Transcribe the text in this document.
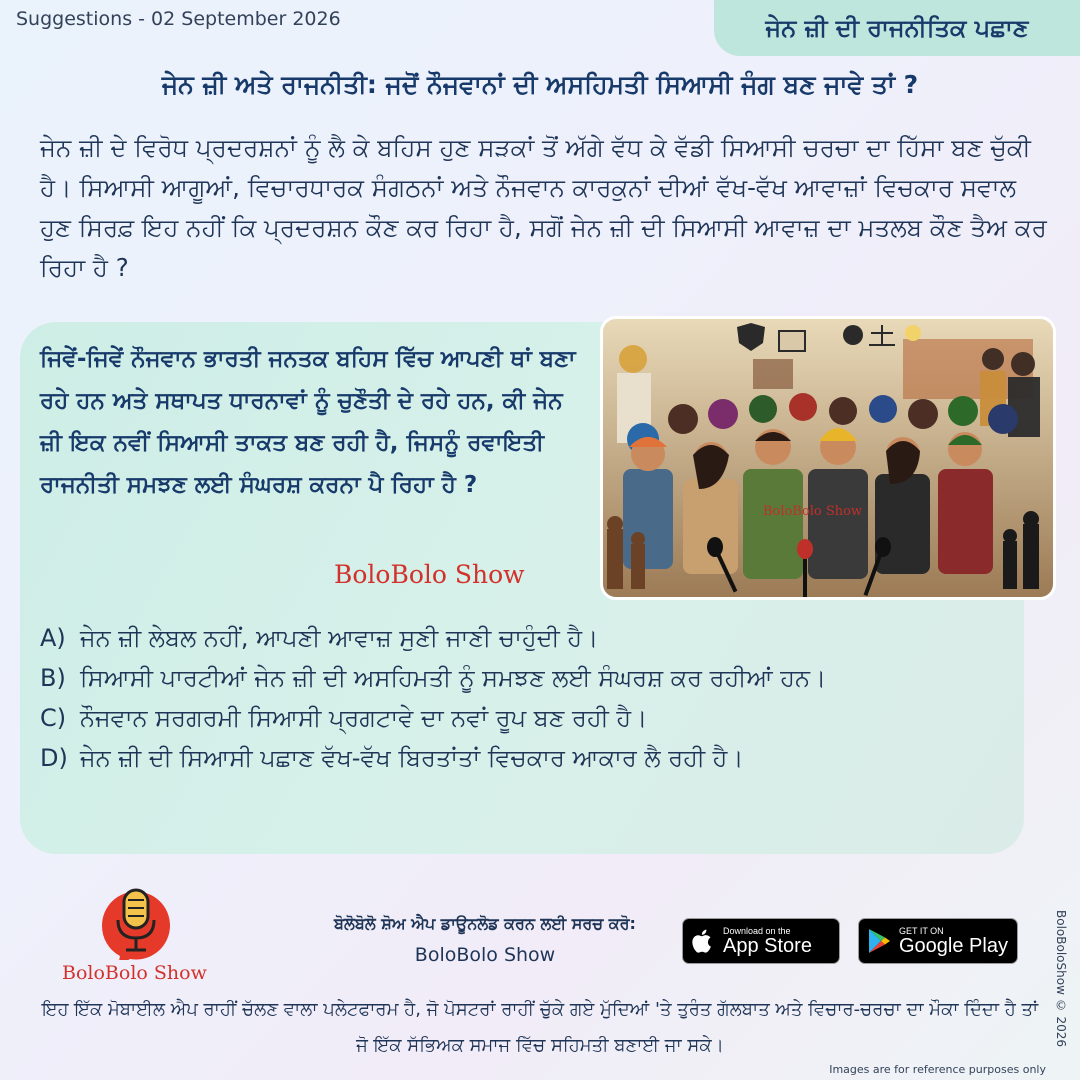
Suggestions - 02 September 2026	ਜੇਨ ਜ਼ੀ ਦੀ ਰਾਜਨੀਤਿਕ ਪਛਾਣ
ਜੇਨ ਜ਼ੀ ਅਤੇ ਰਾਜਨੀਤੀ: ਜਦੋਂ ਨੌਜਵਾਨਾਂ ਦੀ ਅਸਹਿਮਤੀ ਸਿਆਸੀ ਜੰਗ ਬਣ ਜਾਵੇ ਤਾਂ ?
ਜੇਨ ਜ਼ੀ ਦੇ ਵਿਰੋਧ ਪ੍ਰਦਰਸ਼ਨਾਂ ਨੂੰ ਲੈ ਕੇ ਬਹਿਸ ਹੁਣ ਸੜਕਾਂ ਤੋਂ ਅੱਗੇ ਵੱਧ ਕੇ ਵੱਡੀ ਸਿਆਸੀ ਚਰਚਾ ਦਾ ਹਿੱਸਾ ਬਣ ਚੁੱਕੀ ਹੈ। ਸਿਆਸੀ ਆਗੂਆਂ, ਵਿਚਾਰਧਾਰਕ ਸੰਗਠਨਾਂ ਅਤੇ ਨੌਜਵਾਨ ਕਾਰਕੁਨਾਂ ਦੀਆਂ ਵੱਖ-ਵੱਖ ਆਵਾਜ਼ਾਂ ਵਿਚਕਾਰ ਸਵਾਲ ਹੁਣ ਸਿਰਫ਼ ਇਹ ਨਹੀਂ ਕਿ ਪ੍ਰਦਰਸ਼ਨ ਕੌਣ ਕਰ ਰਿਹਾ ਹੈ, ਸਗੋਂ ਜੇਨ ਜ਼ੀ ਦੀ ਸਿਆਸੀ ਆਵਾਜ਼ ਦਾ ਮਤਲਬ ਕੌਣ ਤੈਅ ਕਰ ਰਿਹਾ ਹੈ ?
ਜਿਵੇਂ-ਜਿਵੇਂ ਨੌਜਵਾਨ ਭਾਰਤੀ ਜਨਤਕ ਬਹਿਸ ਵਿੱਚ ਆਪਣੀ ਥਾਂ ਬਣਾ ਰਹੇ ਹਨ ਅਤੇ ਸਥਾਪਤ ਧਾਰਨਾਵਾਂ ਨੂੰ ਚੁਣੌਤੀ ਦੇ ਰਹੇ ਹਨ, ਕੀ ਜੇਨ ਜ਼ੀ ਇਕ ਨਵੀਂ ਸਿਆਸੀ ਤਾਕਤ ਬਣ ਰਹੀ ਹੈ, ਜਿਸਨੂੰ ਰਵਾਇਤੀ ਰਾਜਨੀਤੀ ਸਮਝਣ ਲਈ ਸੰਘਰਸ਼ ਕਰਨਾ ਪੈ ਰਿਹਾ ਹੈ ?
BoloBolo Show
BoloBolo Show
A) ਜੇਨ ਜ਼ੀ ਲੇਬਲ ਨਹੀਂ, ਆਪਣੀ ਆਵਾਜ਼ ਸੁਣੀ ਜਾਣੀ ਚਾਹੁੰਦੀ ਹੈ।
B) ਸਿਆਸੀ ਪਾਰਟੀਆਂ ਜੇਨ ਜ਼ੀ ਦੀ ਅਸਹਿਮਤੀ ਨੂੰ ਸਮਝਣ ਲਈ ਸੰਘਰਸ਼ ਕਰ ਰਹੀਆਂ ਹਨ।
C) ਨੌਜਵਾਨ ਸਰਗਰਮੀ ਸਿਆਸੀ ਪ੍ਰਗਟਾਵੇ ਦਾ ਨਵਾਂ ਰੂਪ ਬਣ ਰਹੀ ਹੈ।
D) ਜੇਨ ਜ਼ੀ ਦੀ ਸਿਆਸੀ ਪਛਾਣ ਵੱਖ-ਵੱਖ ਬਿਰਤਾਂਤਾਂ ਵਿਚਕਾਰ ਆਕਾਰ ਲੈ ਰਹੀ ਹੈ।
BoloBolo Show
ਬੋਲੋਬੋਲੋ ਸ਼ੋਅ ਐਪ ਡਾਊਨਲੋਡ ਕਰਨ ਲਈ ਸਰਚ ਕਰੋ:
BoloBolo Show
Download on the
App Store
GET IT ON
Google Play
ਇਹ ਇੱਕ ਮੋਬਾਈਲ ਐਪ ਰਾਹੀਂ ਚੱਲਣ ਵਾਲਾ ਪਲੇਟਫਾਰਮ ਹੈ, ਜੋ ਪੋਸਟਰਾਂ ਰਾਹੀਂ ਚੁੱਕੇ ਗਏ ਮੁੱਦਿਆਂ 'ਤੇ ਤੁਰੰਤ ਗੱਲਬਾਤ ਅਤੇ ਵਿਚਾਰ-ਚਰਚਾ ਦਾ ਮੌਕਾ ਦਿੰਦਾ ਹੈ ਤਾਂ ਜੋ ਇੱਕ ਸੱਭਿਅਕ ਸਮਾਜ ਵਿੱਚ ਸਹਿਮਤੀ ਬਣਾਈ ਜਾ ਸਕੇ।	BoloBoloShow © 2026
Images are for reference purposes only
